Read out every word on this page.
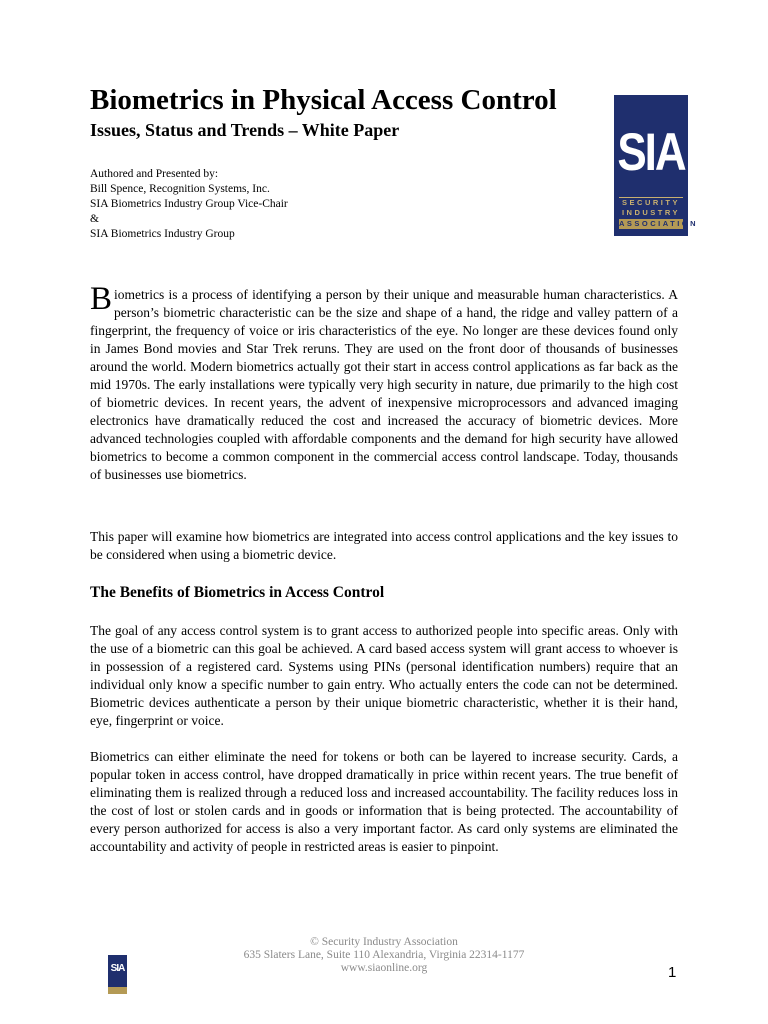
Biometrics in Physical Access Control
Issues, Status and Trends – White Paper
Authored and Presented by:
Bill Spence, Recognition Systems, Inc.
SIA Biometrics Industry Group Vice-Chair
&
SIA Biometrics Industry Group
SIA
SECURITY
INDUSTRY
ASSOCIATION

Biometrics is a process of identifying a person by their unique and measurable human characteristics. A person’s biometric characteristic can be the size and shape of a hand, the ridge and valley pattern of a fingerprint, the frequency of voice or iris characteristics of the eye. No longer are these devices found only in James Bond movies and Star Trek reruns. They are used on the front door of thousands of businesses around the world. Modern biometrics actually got their start in access control applications as far back as the mid 1970s. The early installations were typically very high security in nature, due primarily to the high cost of biometric devices. In recent years, the advent of inexpensive microprocessors and advanced imaging electronics have dramatically reduced the cost and increased the accuracy of biometric devices. More advanced technologies coupled with affordable components and the demand for high security have allowed biometrics to become a common component in the commercial access control landscape. Today, thousands of businesses use biometrics.

This paper will examine how biometrics are integrated into access control applications and the key issues to be considered when using a biometric device.

The Benefits of Biometrics in Access Control

The goal of any access control system is to grant access to authorized people into specific areas. Only with the use of a biometric can this goal be achieved. A card based access system will grant access to whoever is in possession of a registered card. Systems using PINs (personal identification numbers) require that an individual only know a specific number to gain entry. Who actually enters the code can not be determined. Biometric devices authenticate a person by their unique biometric characteristic, whether it is their hand, eye, fingerprint or voice.

Biometrics can either eliminate the need for tokens or both can be layered to increase security. Cards, a popular token in access control, have dropped dramatically in price within recent years. The true benefit of eliminating them is realized through a reduced loss and increased accountability. The facility reduces loss in the cost of lost or stolen cards and in goods or information that is being protected. The accountability of every person authorized for access is also a very important factor. As card only systems are eliminated the accountability and activity of people in restricted areas is easier to pinpoint.

© Security Industry Association
635 Slaters Lane, Suite 110 Alexandria, Virginia 22314-1177
www.siaonline.org
SIA	1
